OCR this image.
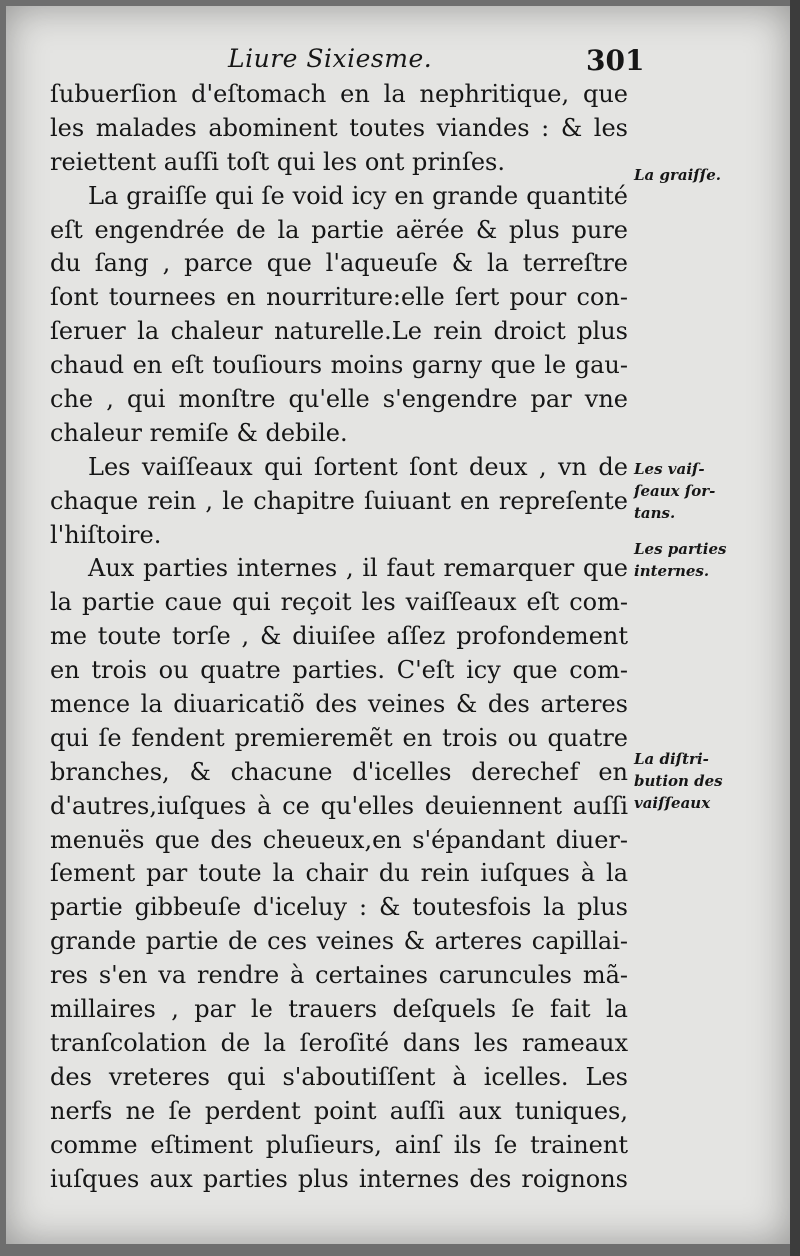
Liure Sixiesme.	301
ſubuerſion d'eſtomach en la nephritique, que
les malades abominent toutes viandes : & les
reiettent auſſi toſt qui les ont prinſes.
La graiſſe qui ſe void icy en grande quantité
eſt engendrée de la partie aërée & plus pure
du ſang , parce que l'aqueuſe & la terreſtre
ſont tournees en nourriture:elle ſert pour con-
ſeruer la chaleur naturelle.Le rein droict plus
chaud en eſt touſiours moins garny que le gau-
che , qui monſtre qu'elle s'engendre par vne
chaleur remiſe & debile.
Les vaiſſeaux qui ſortent ſont deux , vn de
chaque rein , le chapitre ſuiuant en repreſente
l'hiſtoire.
Aux parties internes , il faut remarquer que
la partie caue qui reçoit les vaiſſeaux eſt com-
me toute torſe , & diuiſee aſſez profondement
en trois ou quatre parties. C'eſt icy que com-
mence la diuaricatiõ des veines & des arteres
qui ſe fendent premieremẽt en trois ou quatre
branches, & chacune d'icelles derechef en
d'autres,iuſques à ce qu'elles deuiennent auſſi
menuës que des cheueux,en s'épandant diuer-
ſement par toute la chair du rein iuſques à la
partie gibbeuſe d'iceluy : & toutesfois la plus
grande partie de ces veines & arteres capillai-
res s'en va rendre à certaines caruncules mã-
millaires , par le trauers deſquels ſe fait la
tranſcolation de la ſeroſité dans les rameaux
des vreteres qui s'aboutiſſent à icelles. Les
nerfs ne ſe perdent point auſſi aux tuniques,
comme eſtiment pluſieurs, ainſ ils ſe trainent
iuſques aux parties plus internes des roignons
La graiſſe.
Les vaiſ-
ſeaux ſor-
tans.
Les parties
internes.
La diſtri-
bution des
vaiſſeaux
